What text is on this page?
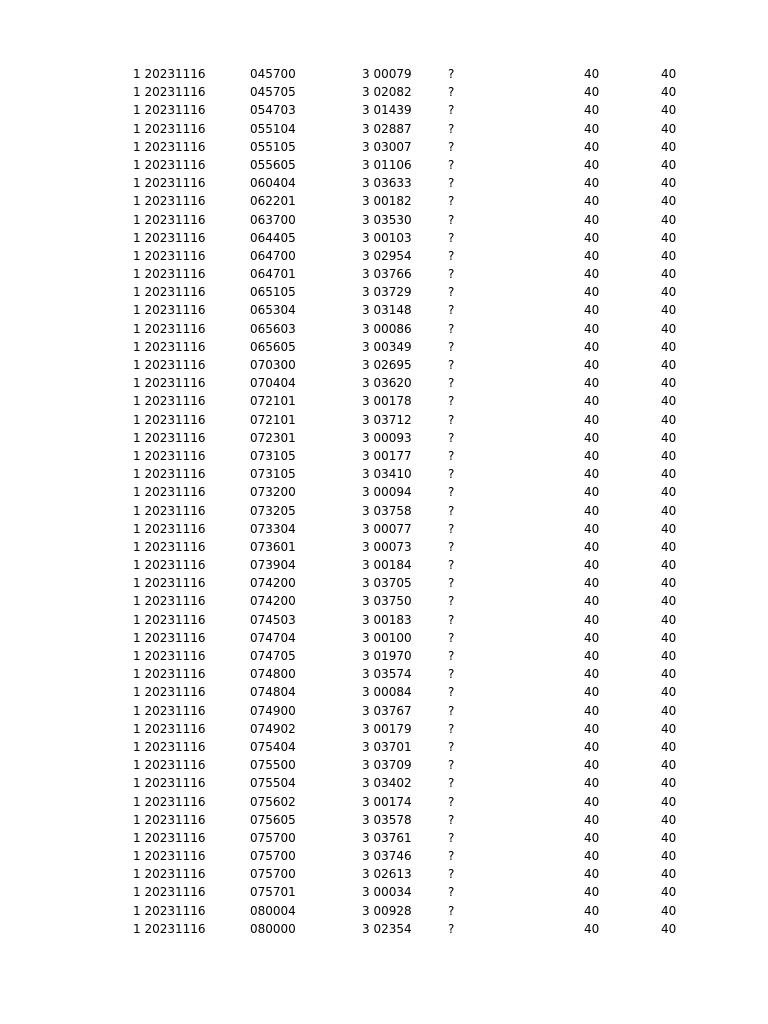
1 20231116	045700	3 00079	?	40	40
1 20231116	045705	3 02082	?	40	40
1 20231116	054703	3 01439	?	40	40
1 20231116	055104	3 02887	?	40	40
1 20231116	055105	3 03007	?	40	40
1 20231116	055605	3 01106	?	40	40
1 20231116	060404	3 03633	?	40	40
1 20231116	062201	3 00182	?	40	40
1 20231116	063700	3 03530	?	40	40
1 20231116	064405	3 00103	?	40	40
1 20231116	064700	3 02954	?	40	40
1 20231116	064701	3 03766	?	40	40
1 20231116	065105	3 03729	?	40	40
1 20231116	065304	3 03148	?	40	40
1 20231116	065603	3 00086	?	40	40
1 20231116	065605	3 00349	?	40	40
1 20231116	070300	3 02695	?	40	40
1 20231116	070404	3 03620	?	40	40
1 20231116	072101	3 00178	?	40	40
1 20231116	072101	3 03712	?	40	40
1 20231116	072301	3 00093	?	40	40
1 20231116	073105	3 00177	?	40	40
1 20231116	073105	3 03410	?	40	40
1 20231116	073200	3 00094	?	40	40
1 20231116	073205	3 03758	?	40	40
1 20231116	073304	3 00077	?	40	40
1 20231116	073601	3 00073	?	40	40
1 20231116	073904	3 00184	?	40	40
1 20231116	074200	3 03705	?	40	40
1 20231116	074200	3 03750	?	40	40
1 20231116	074503	3 00183	?	40	40
1 20231116	074704	3 00100	?	40	40
1 20231116	074705	3 01970	?	40	40
1 20231116	074800	3 03574	?	40	40
1 20231116	074804	3 00084	?	40	40
1 20231116	074900	3 03767	?	40	40
1 20231116	074902	3 00179	?	40	40
1 20231116	075404	3 03701	?	40	40
1 20231116	075500	3 03709	?	40	40
1 20231116	075504	3 03402	?	40	40
1 20231116	075602	3 00174	?	40	40
1 20231116	075605	3 03578	?	40	40
1 20231116	075700	3 03761	?	40	40
1 20231116	075700	3 03746	?	40	40
1 20231116	075700	3 02613	?	40	40
1 20231116	075701	3 00034	?	40	40
1 20231116	080004	3 00928	?	40	40
1 20231116	080000	3 02354	?	40	40
